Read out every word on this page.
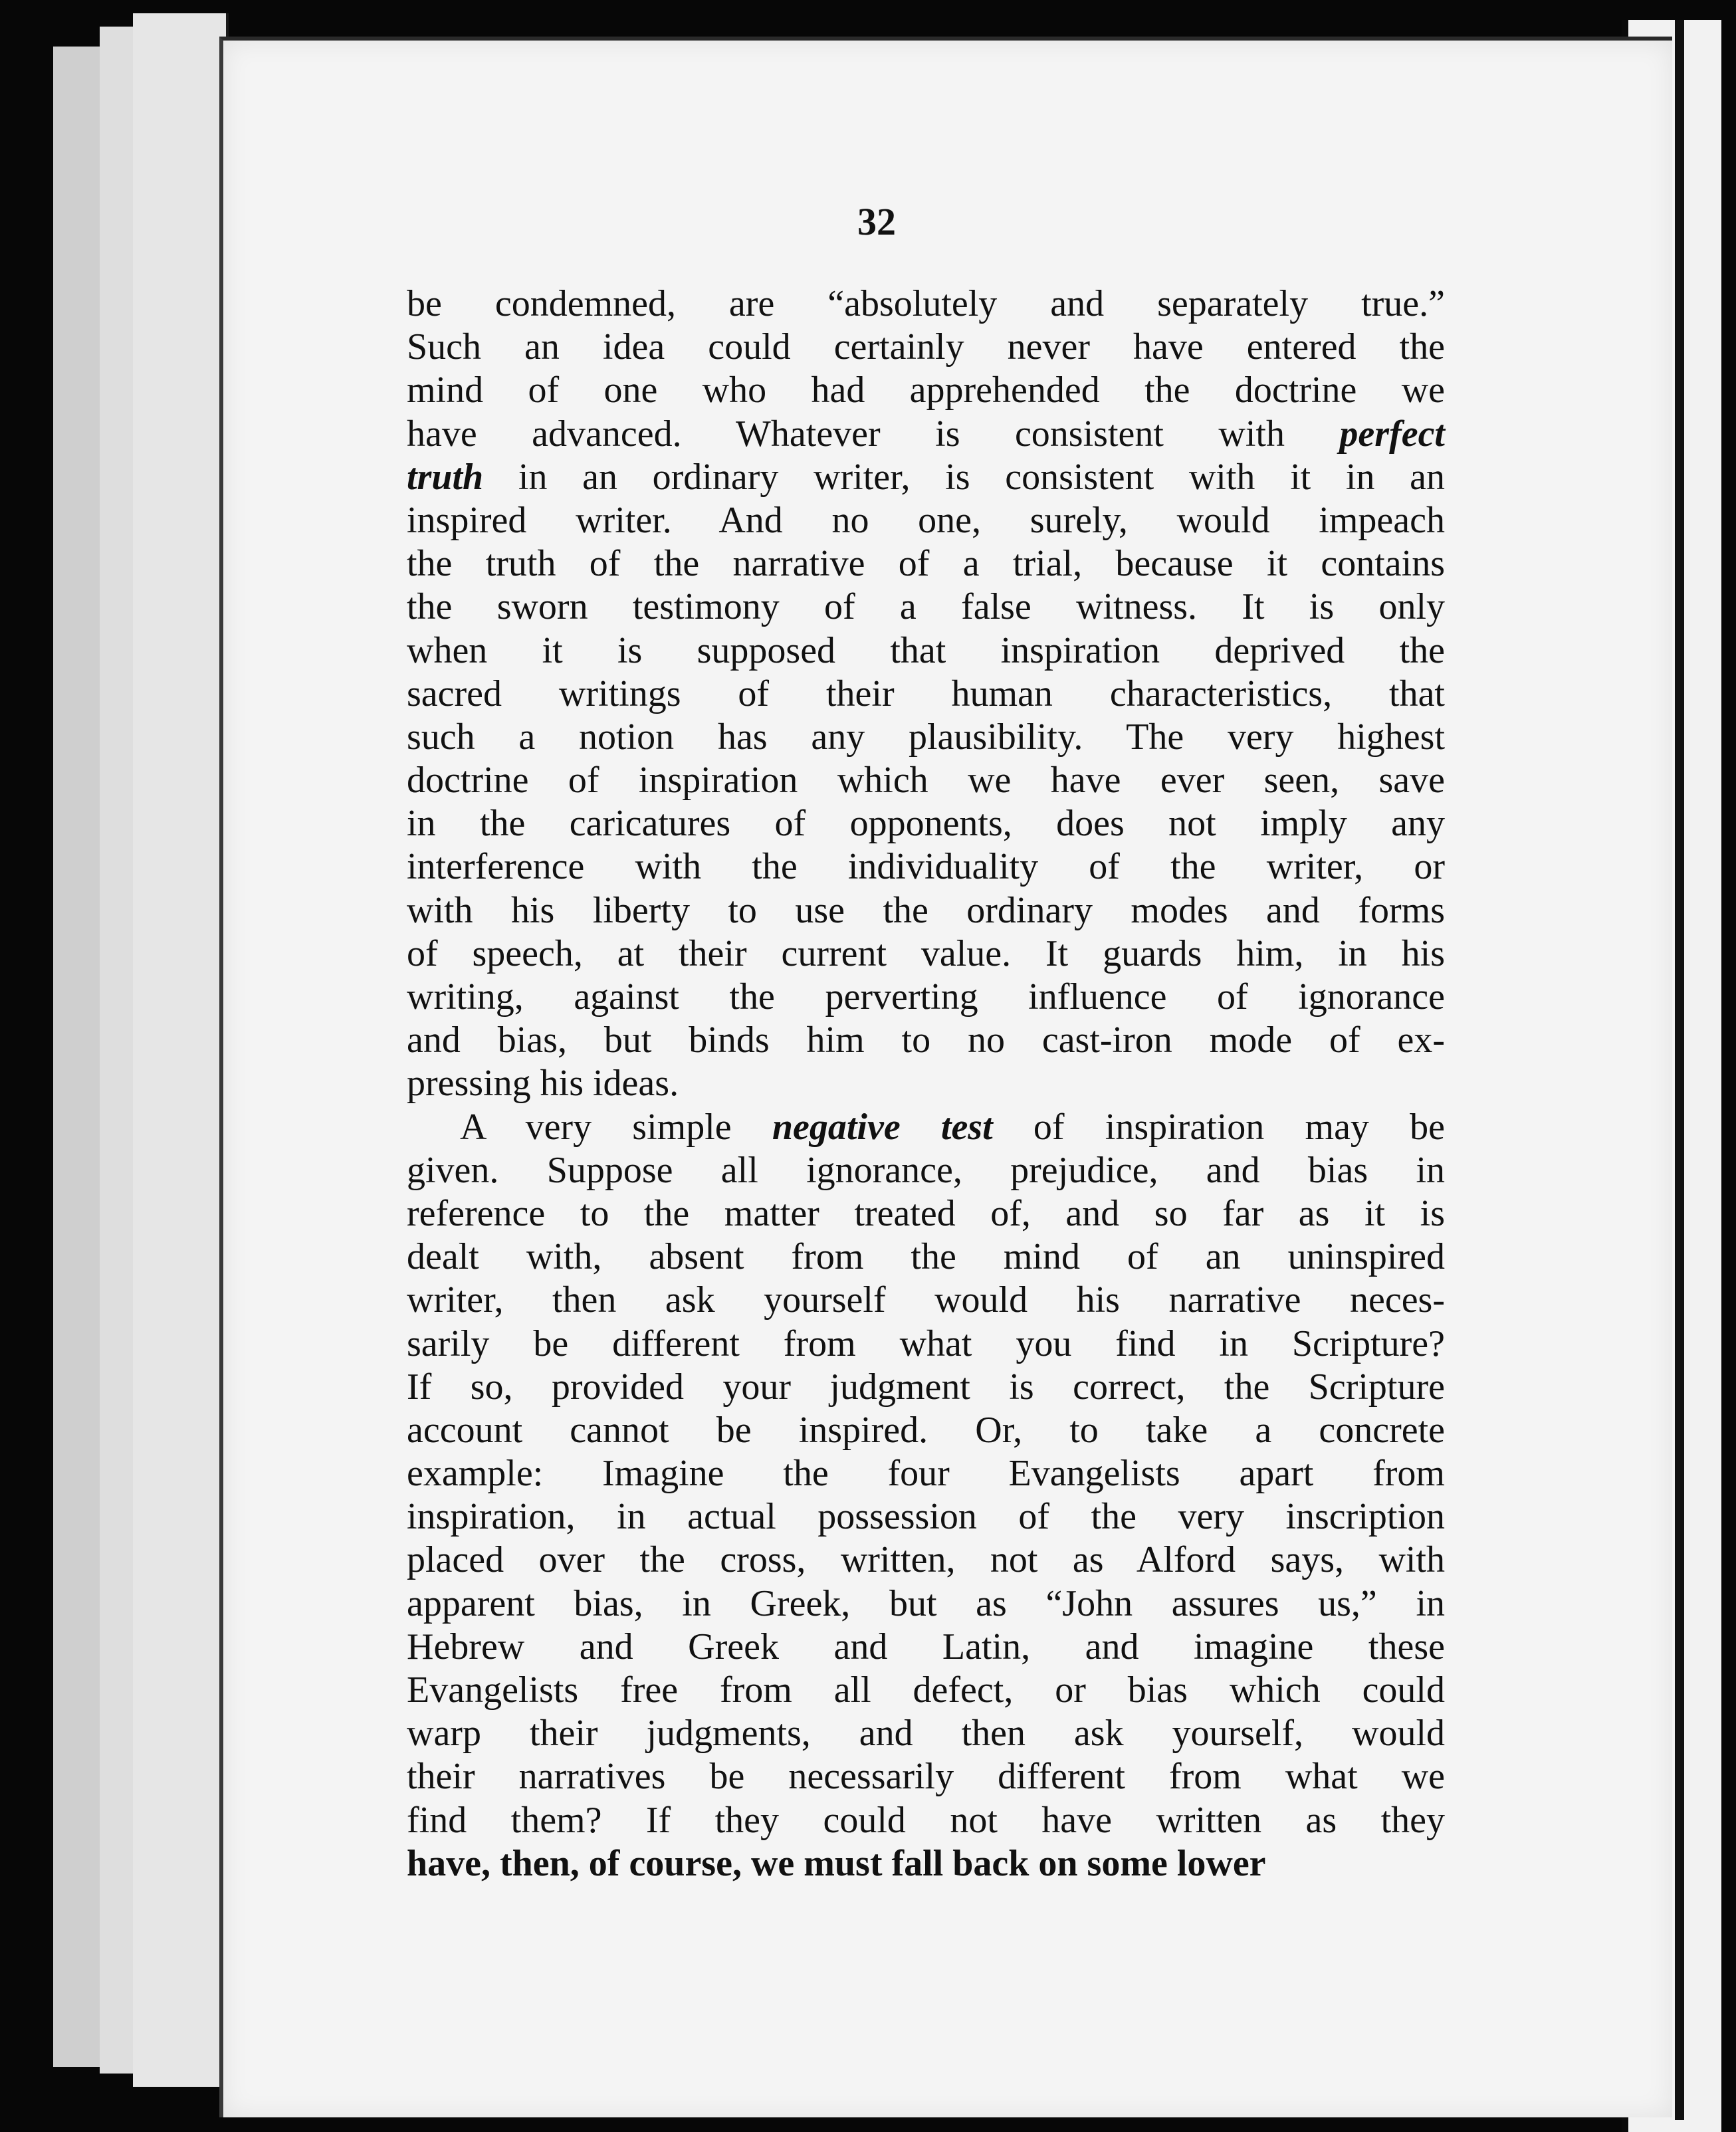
32
be condemned, are “absolutely and separately true.”
Such an idea could certainly never have entered the
mind of one who had apprehended the doctrine we
have advanced. Whatever is consistent with perfect
truth in an ordinary writer, is consistent with it in an
inspired writer. And no one, surely, would impeach
the truth of the narrative of a trial, because it contains
the sworn testimony of a false witness. It is only
when it is supposed that inspiration deprived the
sacred writings of their human characteristics, that
such a notion has any plausibility. The very highest
doctrine of inspiration which we have ever seen, save
in the caricatures of opponents, does not imply any
interference with the individuality of the writer, or
with his liberty to use the ordinary modes and forms
of speech, at their current value. It guards him, in his
writing, against the perverting influence of ignorance
and bias, but binds him to no cast-iron mode of ex-
pressing his ideas.
A very simple negative test of inspiration may be
given. Suppose all ignorance, prejudice, and bias in
reference to the matter treated of, and so far as it is
dealt with, absent from the mind of an uninspired
writer, then ask yourself would his narrative neces-
sarily be different from what you find in Scripture?
If so, provided your judgment is correct, the Scripture
account cannot be inspired. Or, to take a concrete
example: Imagine the four Evangelists apart from
inspiration, in actual possession of the very inscription
placed over the cross, written, not as Alford says, with
apparent bias, in Greek, but as “John assures us,” in
Hebrew and Greek and Latin, and imagine these
Evangelists free from all defect, or bias which could
warp their judgments, and then ask yourself, would
their narratives be necessarily different from what we
find them? If they could not have written as they
have, then, of course, we must fall back on some lower
